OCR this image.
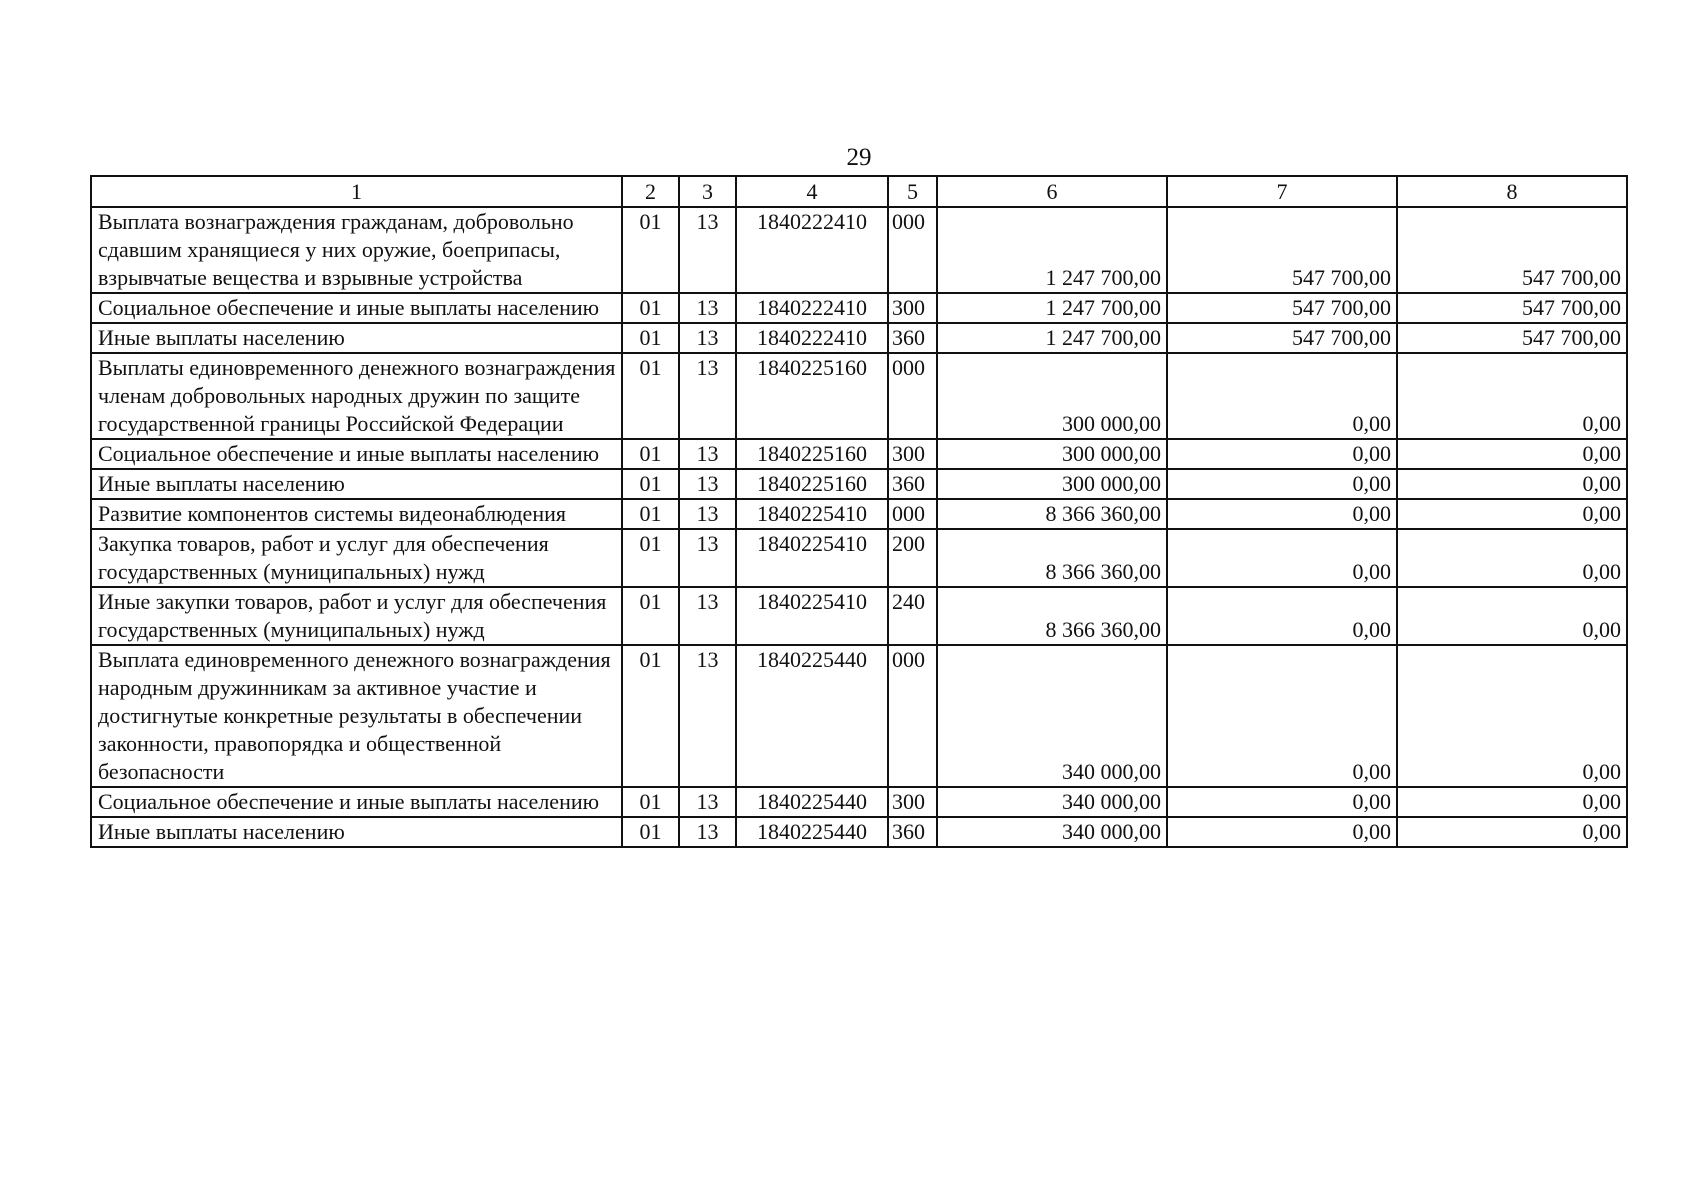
29
1	2	3	4	5	6	7	8
Выплата вознаграждения гражданам, добровольно сдавшим хранящиеся у них оружие, боеприпасы, взрывчатые вещества и взрывные устройства	01	13	1840222410	000	1 247 700,00	547 700,00	547 700,00
Социальное обеспечение и иные выплаты населению	01	13	1840222410	300	1 247 700,00	547 700,00	547 700,00
Иные выплаты населению	01	13	1840222410	360	1 247 700,00	547 700,00	547 700,00
Выплаты единовременного денежного вознаграждения членам добровольных народных дружин по защите государственной границы Российской Федерации	01	13	1840225160	000	300 000,00	0,00	0,00
Социальное обеспечение и иные выплаты населению	01	13	1840225160	300	300 000,00	0,00	0,00
Иные выплаты населению	01	13	1840225160	360	300 000,00	0,00	0,00
Развитие компонентов системы видеонаблюдения	01	13	1840225410	000	8 366 360,00	0,00	0,00
Закупка товаров, работ и услуг для обеспечения государственных (муниципальных) нужд	01	13	1840225410	200	8 366 360,00	0,00	0,00
Иные закупки товаров, работ и услуг для обеспечения государственных (муниципальных) нужд	01	13	1840225410	240	8 366 360,00	0,00	0,00
Выплата единовременного денежного вознаграждения народным дружинникам за активное участие и достигнутые конкретные результаты в обеспечении законности, правопорядка и общественной безопасности	01	13	1840225440	000	340 000,00	0,00	0,00
Социальное обеспечение и иные выплаты населению	01	13	1840225440	300	340 000,00	0,00	0,00
Иные выплаты населению	01	13	1840225440	360	340 000,00	0,00	0,00
